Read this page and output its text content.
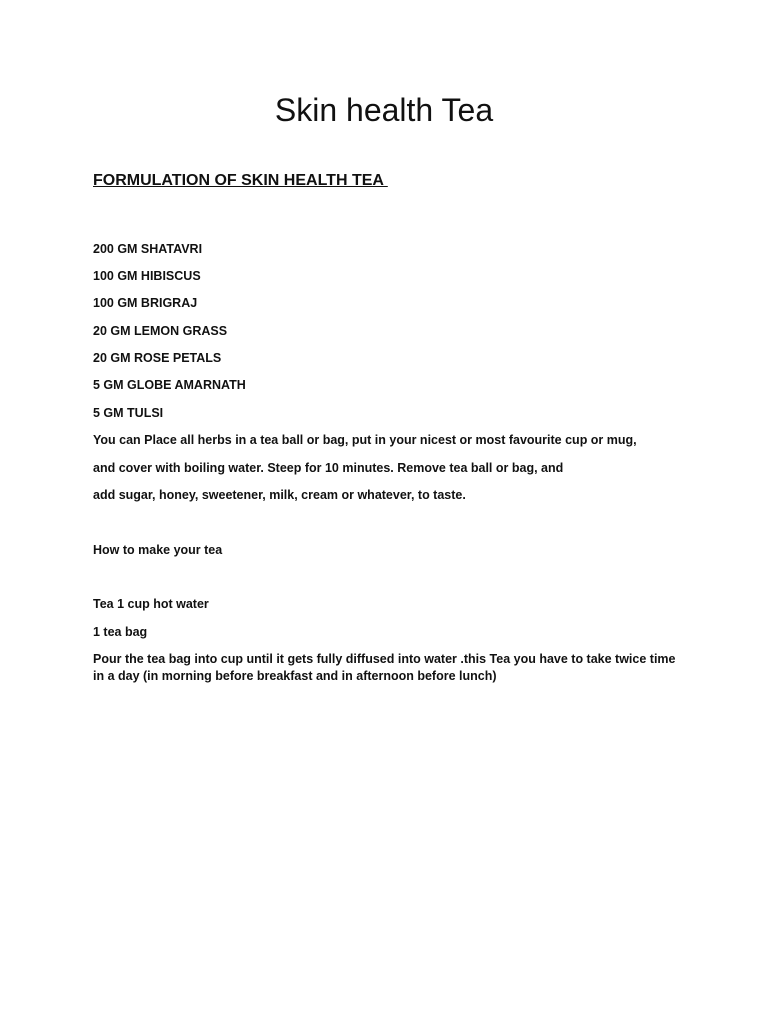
Skin health Tea

FORMULATION OF SKIN HEALTH TEA

200 GM SHATAVRI

100 GM HIBISCUS

100 GM BRIGRAJ

20 GM LEMON GRASS

20 GM ROSE PETALS

5 GM GLOBE AMARNATH

5 GM TULSI

You can Place all herbs in a tea ball or bag, put in your nicest or most favourite cup or mug,

and cover with boiling water. Steep for 10 minutes. Remove tea ball or bag, and

add sugar, honey, sweetener, milk, cream or whatever, to taste.

How to make your tea

Tea 1 cup hot water

1 tea bag

Pour the tea bag into cup until it gets fully diffused into water .this Tea you have to take twice time in a day (in morning before breakfast and in afternoon before lunch)
